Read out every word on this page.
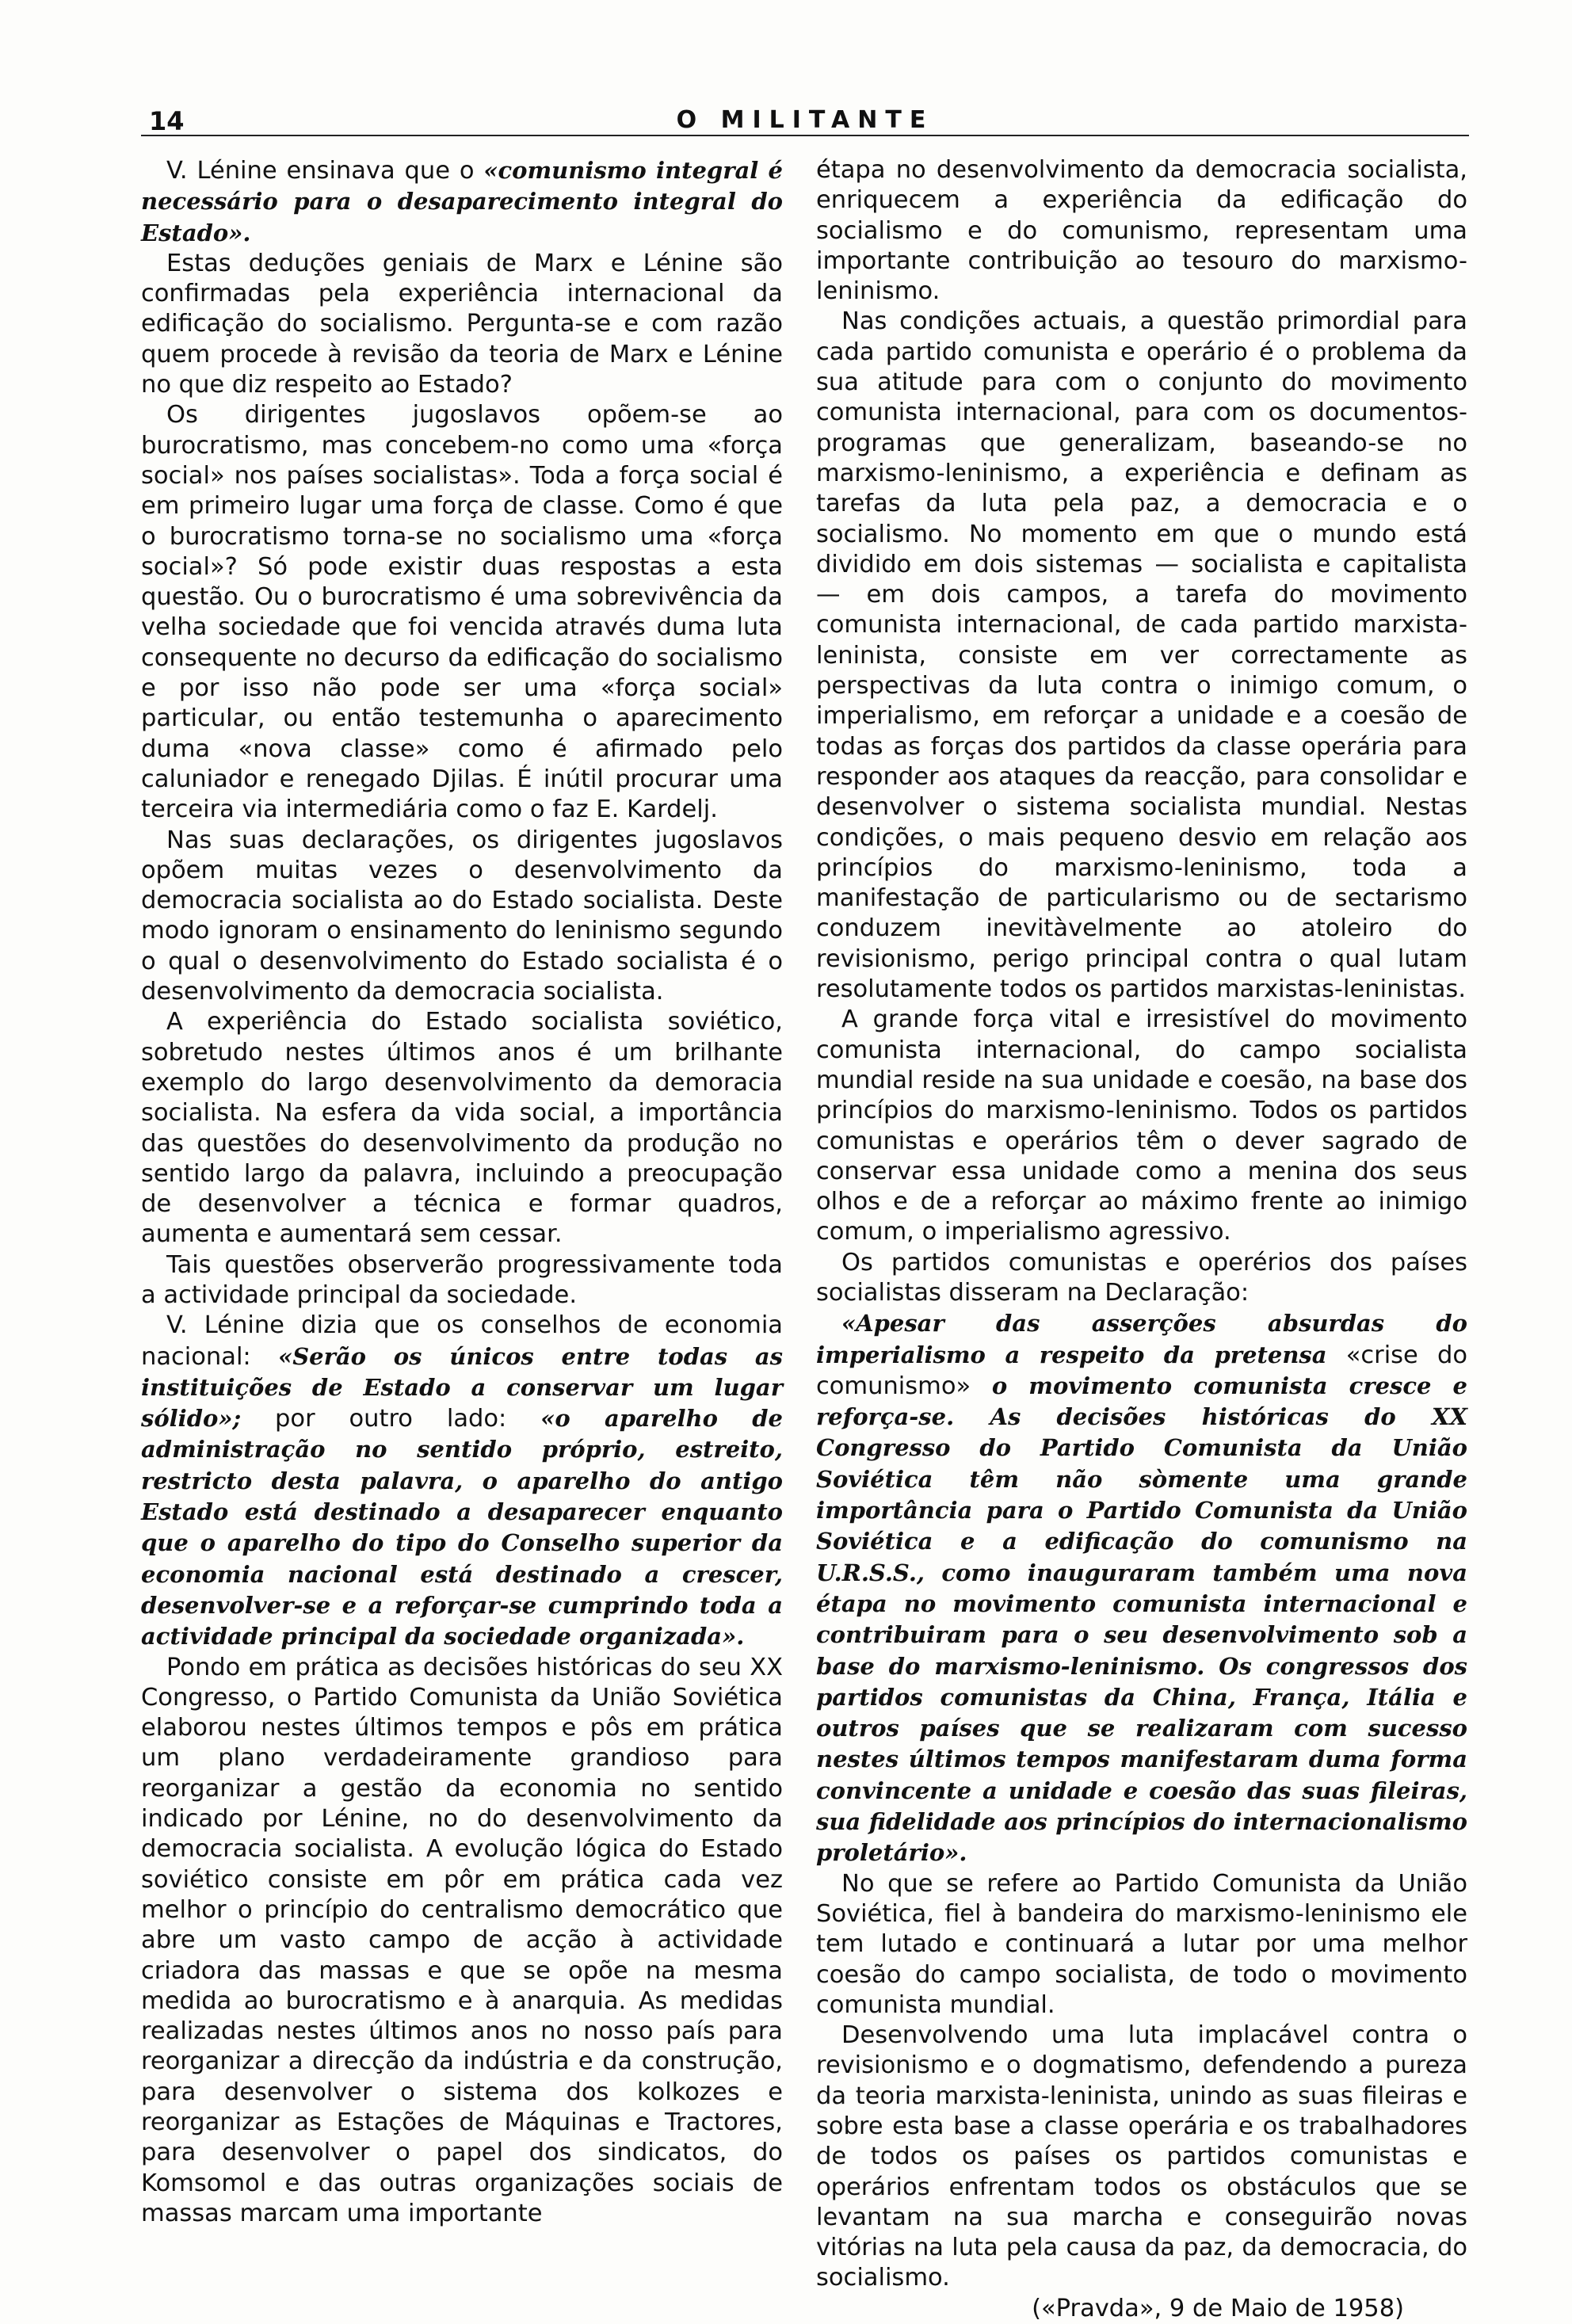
14	O MILITANTE

V. Lénine ensinava que o «comunismo integral é necessário para o desaparecimento integral do Estado».

Estas deduções geniais de Marx e Lénine são confirmadas pela experiência internacional da edificação do socialismo. Pergunta-se e com razão quem procede à revisão da teoria de Marx e Lénine no que diz respeito ao Estado?

Os dirigentes jugoslavos opõem-se ao burocratismo, mas concebem-no como uma «força social» nos países socialistas». Toda a força social é em primeiro lugar uma força de classe. Como é que o burocratismo torna-se no socialismo uma «força social»? Só pode existir duas respostas a esta questão. Ou o burocratismo é uma sobrevivência da velha sociedade que foi vencida através duma luta consequente no decurso da edificação do socialismo e por isso não pode ser uma «força social» particular, ou então testemunha o aparecimento duma «nova classe» como é afirmado pelo caluniador e renegado Djilas. É inútil procurar uma terceira via intermediária como o faz E. Kardelj.

Nas suas declarações, os dirigentes jugoslavos opõem muitas vezes o desenvolvimento da democracia socialista ao do Estado socialista. Deste modo ignoram o ensinamento do leninismo segundo o qual o desenvolvimento do Estado socialista é o desenvolvimento da democracia socialista.

A experiência do Estado socialista soviético, sobretudo nestes últimos anos é um brilhante exemplo do largo desenvolvimento da demoracia socialista. Na esfera da vida social, a importância das questões do desenvolvimento da produção no sentido largo da palavra, incluindo a preocupação de desenvolver a técnica e formar quadros, aumenta e aumentará sem cessar.

Tais questões observerão progressivamente toda a actividade principal da sociedade.

V. Lénine dizia que os conselhos de economia nacional: «Serão os únicos entre todas as instituições de Estado a conservar um lugar sólido»; por outro lado: «o aparelho de administração no sentido próprio, estreito, restricto desta palavra, o aparelho do antigo Estado está destinado a desaparecer enquanto que o aparelho do tipo do Conselho superior da economia nacional está destinado a crescer, desenvolver-se e a reforçar-se cumprindo toda a actividade principal da sociedade organizada».

Pondo em prática as decisões históricas do seu XX Congresso, o Partido Comunista da União Soviética elaborou nestes últimos tempos e pôs em prática um plano verdadeiramente grandioso para reorganizar a gestão da economia no sentido indicado por Lénine, no do desenvolvimento da democracia socialista. A evolução lógica do Estado soviético consiste em pôr em prática cada vez melhor o princípio do centralismo democrático que abre um vasto campo de acção à actividade criadora das massas e que se opõe na mesma medida ao burocratismo e à anarquia. As medidas realizadas nestes últimos anos no nosso país para reorganizar a direcção da indústria e da construção, para desenvolver o sistema dos kolkozes e reorganizar as Estações de Máquinas e Tractores, para desenvolver o papel dos sindicatos, do Komsomol e das outras organizações sociais de massas marcam uma importante

étapa no desenvolvimento da democracia socialista, enriquecem a experiência da edificação do socialismo e do comunismo, representam uma importante contribuição ao tesouro do marxismo-leninismo.

Nas condições actuais, a questão primordial para cada partido comunista e operário é o problema da sua atitude para com o conjunto do movimento comunista internacional, para com os documentos-programas que generalizam, baseando-se no marxismo-leninismo, a experiência e definam as tarefas da luta pela paz, a democracia e o socialismo. No momento em que o mundo está dividido em dois sistemas — socialista e capitalista — em dois campos, a tarefa do movimento comunista internacional, de cada partido marxista-leninista, consiste em ver correctamente as perspectivas da luta contra o inimigo comum, o imperialismo, em reforçar a unidade e a coesão de todas as forças dos partidos da classe operária para responder aos ataques da reacção, para consolidar e desenvolver o sistema socialista mundial. Nestas condições, o mais pequeno desvio em relação aos princípios do marxismo-leninismo, toda a manifestação de particularismo ou de sectarismo conduzem inevitàvelmente ao atoleiro do revisionismo, perigo principal contra o qual lutam resolutamente todos os partidos marxistas-leninistas.

A grande força vital e irresistível do movimento comunista internacional, do campo socialista mundial reside na sua unidade e coesão, na base dos princípios do marxismo-leninismo. Todos os partidos comunistas e operários têm o dever sagrado de conservar essa unidade como a menina dos seus olhos e de a reforçar ao máximo frente ao inimigo comum, o imperialismo agressivo.

Os partidos comunistas e operérios dos países socialistas disseram na Declaração:

«Apesar das asserções absurdas do imperialismo a respeito da pretensa «crise do comunismo» o movimento comunista cresce e reforça-se. As decisões históricas do XX Congresso do Partido Comunista da União Soviética têm não sòmente uma grande importância para o Partido Comunista da União Soviética e a edificação do comunismo na U.R.S.S., como inauguraram também uma nova étapa no movimento comunista internacional e contribuiram para o seu desenvolvimento sob a base do marxismo-leninismo. Os congressos dos partidos comunistas da China, França, Itália e outros países que se realizaram com sucesso nestes últimos tempos manifestaram duma forma convincente a unidade e coesão das suas fileiras, sua fidelidade aos princípios do internacionalismo proletário».

No que se refere ao Partido Comunista da União Soviética, fiel à bandeira do marxismo-leninismo ele tem lutado e continuará a lutar por uma melhor coesão do campo socialista, de todo o movimento comunista mundial.

Desenvolvendo uma luta implacável contra o revisionismo e o dogmatismo, defendendo a pureza da teoria marxista-leninista, unindo as suas fileiras e sobre esta base a classe operária e os trabalhadores de todos os países os partidos comunistas e operários enfrentam todos os obstáculos que se levantam na sua marcha e conseguirão novas vitórias na luta pela causa da paz, da democracia, do socialismo.

(«Pravda», 9 de Maio de 1958)
